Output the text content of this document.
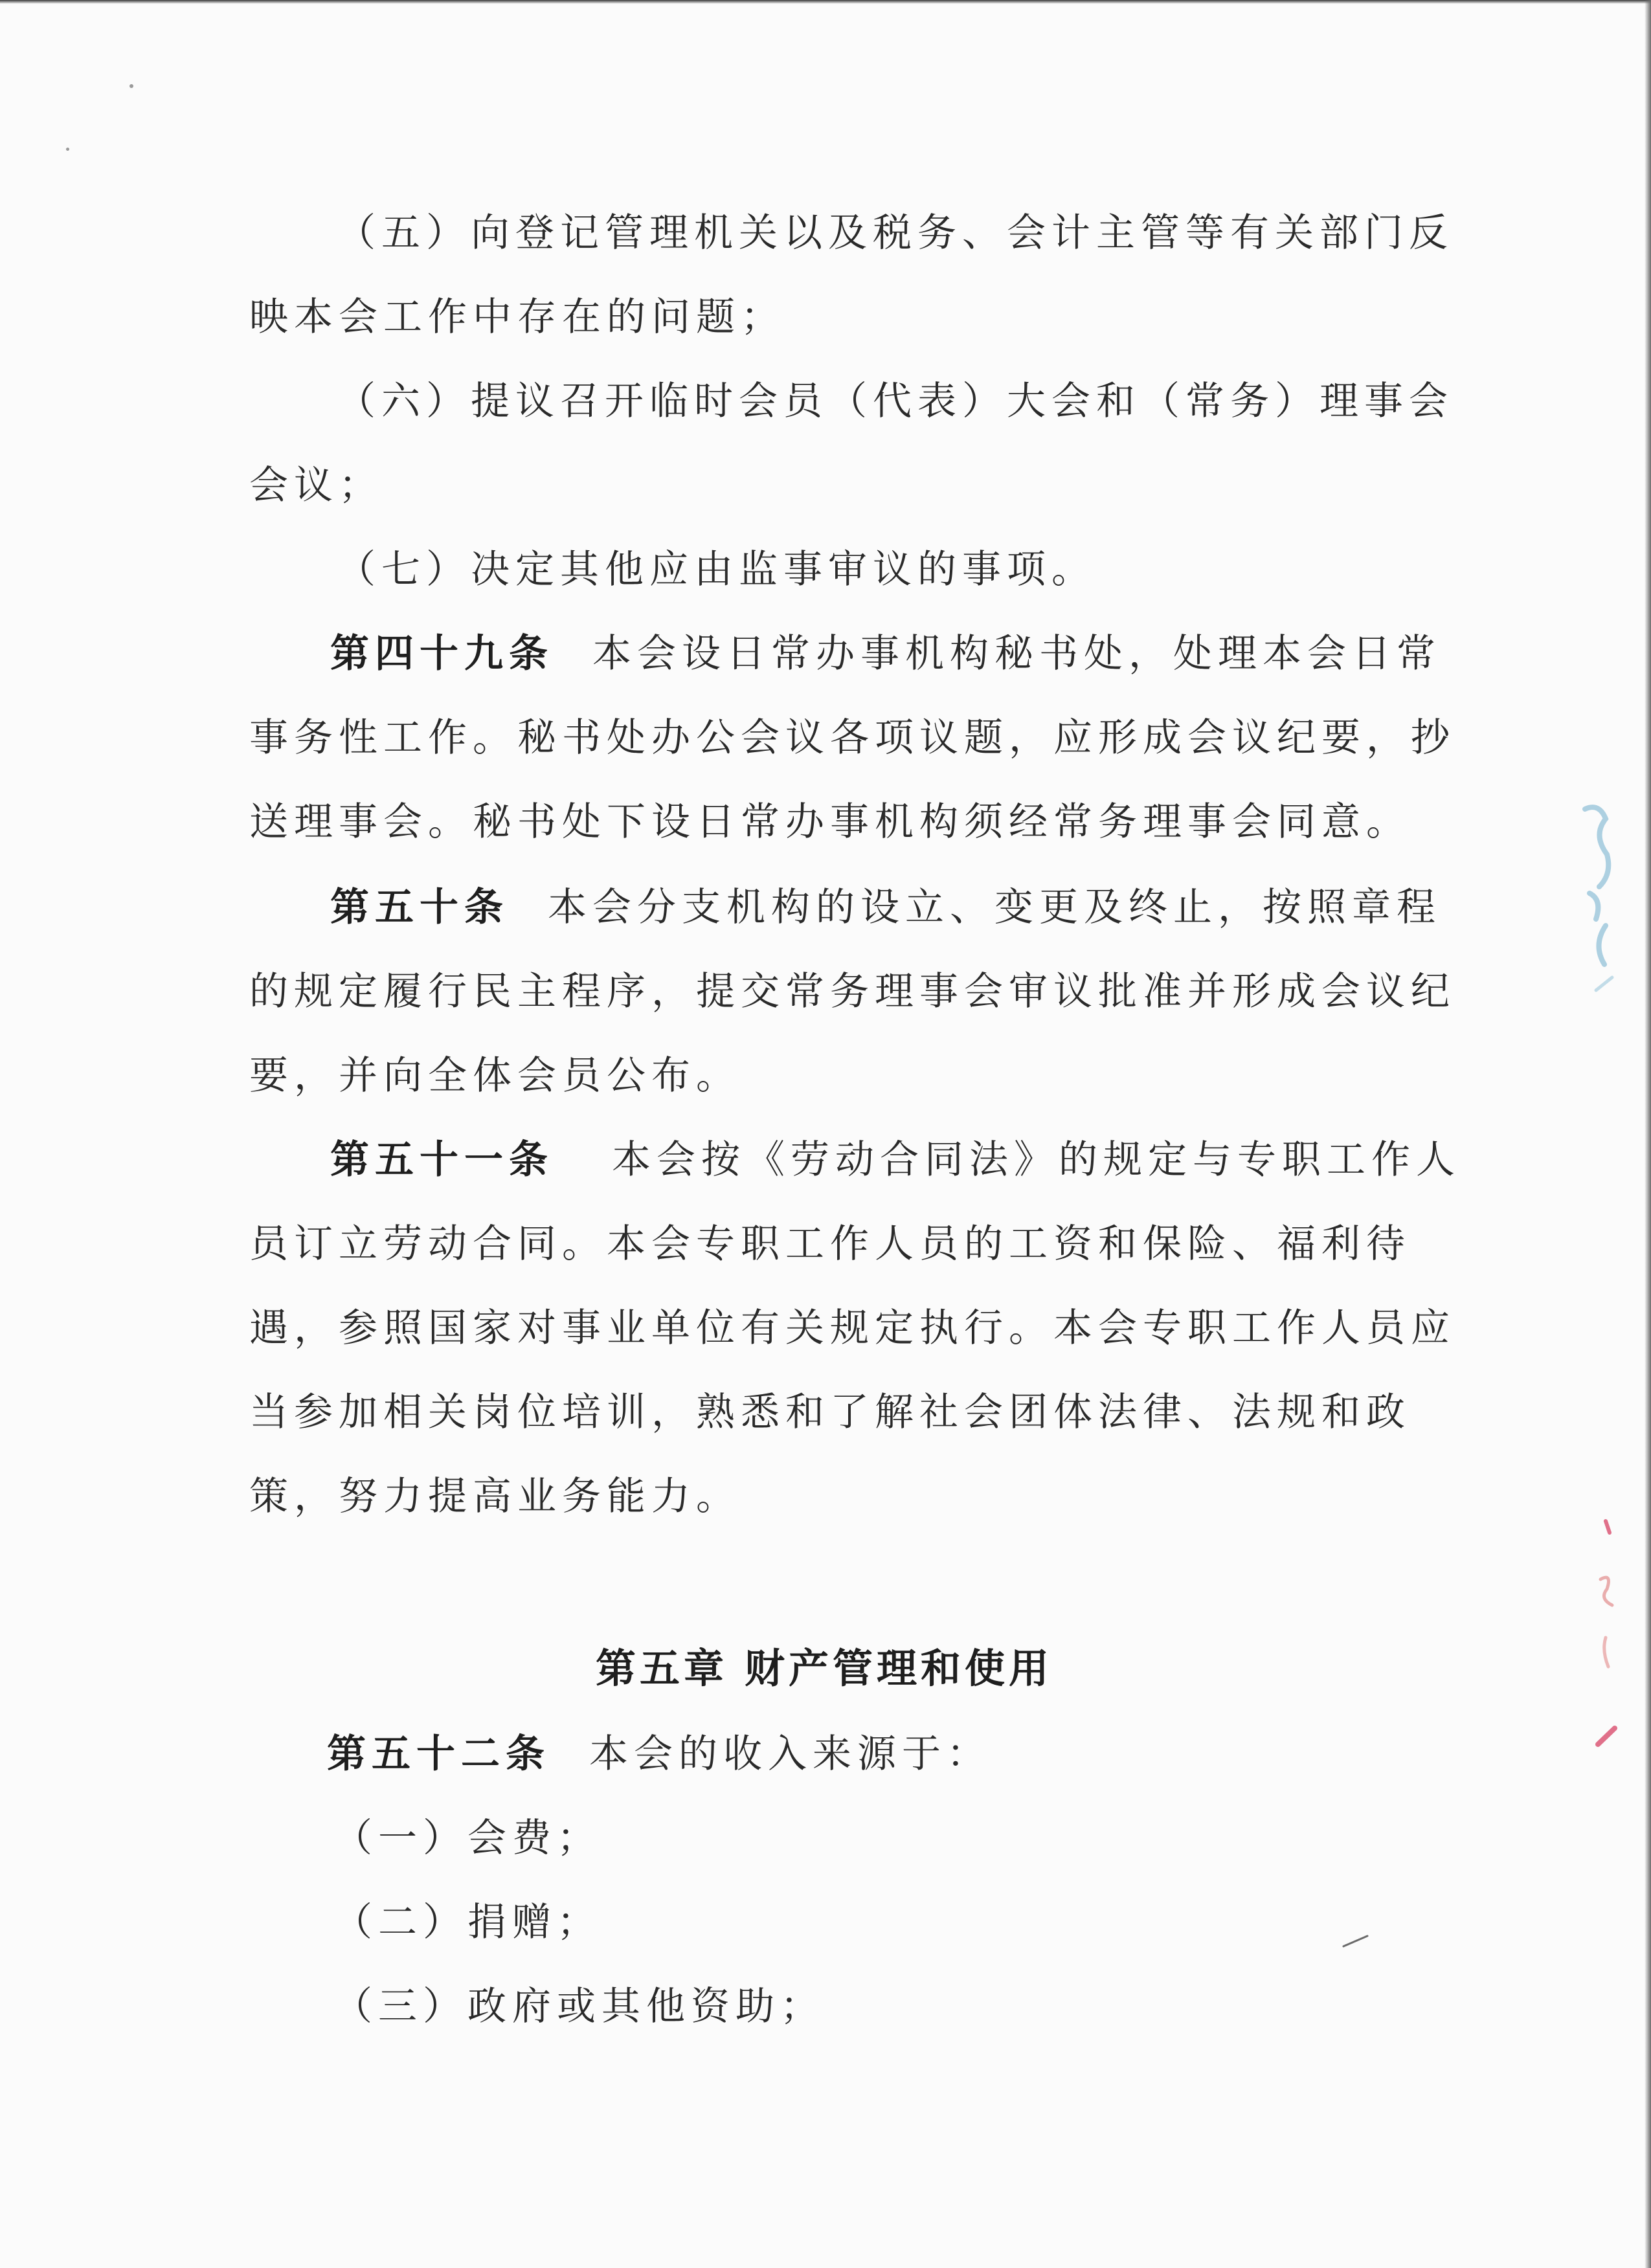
（五）向登记管理机关以及税务、会计主管等有关部门反
映本会工作中存在的问题；
（六）提议召开临时会员（代表）大会和（常务）理事会
会议；
（七）决定其他应由监事审议的事项。
第四十九条 本会设日常办事机构秘书处，处理本会日常
事务性工作。秘书处办公会议各项议题，应形成会议纪要，抄
送理事会。秘书处下设日常办事机构须经常务理事会同意。
第五十条 本会分支机构的设立、变更及终止，按照章程
的规定履行民主程序，提交常务理事会审议批准并形成会议纪
要，并向全体会员公布。
第五十一条 本会按《劳动合同法》的规定与专职工作人
员订立劳动合同。本会专职工作人员的工资和保险、福利待
遇，参照国家对事业单位有关规定执行。本会专职工作人员应
当参加相关岗位培训，熟悉和了解社会团体法律、法规和政
策，努力提高业务能力。
第五章 财产管理和使用
第五十二条 本会的收入来源于：
（一）会费；
（二）捐赠；
（三）政府或其他资助；
